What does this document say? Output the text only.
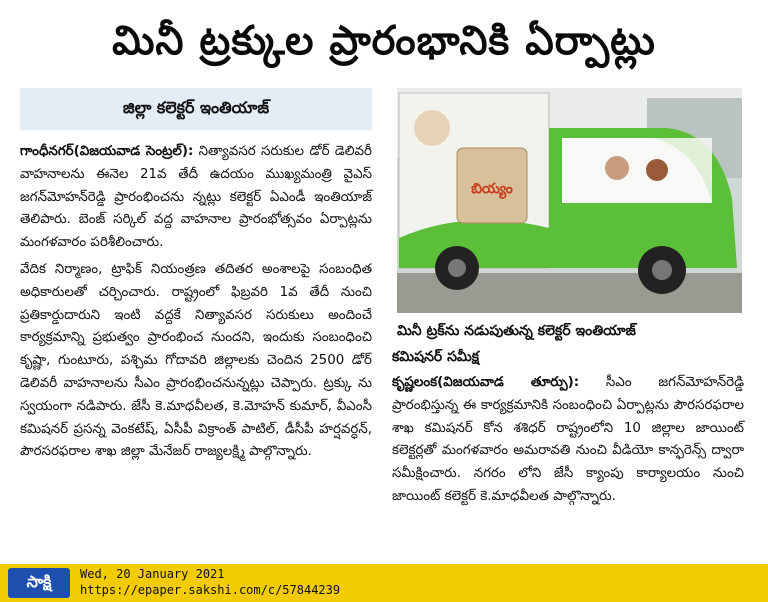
మినీ ట్రక్కుల ప్రారంభానికి ఏర్పాట్లు
జిల్లా కలెక్టర్ ఇంతియాజ్

గాంధీనగర్(విజయవాడ సెంట్రల్): నిత్యావసర సరుకుల డోర్ డెలివరీ వాహనాలను ఈనెల 21వ తేదీ ఉదయం ముఖ్యమంత్రి వైఎస్ జగన్‌మోహన్‌రెడ్డి ప్రారంభించను న్నట్లు కలెక్టర్ ఏఎండీ ఇంతియాజ్ తెలిపారు. బెంజ్ సర్కిల్ వద్ద వాహనాల ప్రారంభోత్సవం ఏర్పాట్లను మంగళవారం పరిశీలించారు.

వేదిక నిర్మాణం, ట్రాఫిక్ నియంత్రణ తదితర అంశాలపై సంబంధిత అధికారులతో చర్చించారు. రాష్ట్రంలో ఫిబ్రవరి 1వ తేదీ నుంచి ప్రతికార్డుదారుని ఇంటి వద్దకే నిత్యావసర సరుకులు అందించే కార్యక్రమాన్ని ప్రభుత్వం ప్రారంభించ నుందని, ఇందుకు సంబంధించి కృష్ణా, గుంటూరు, పశ్చిమ గోదావరి జిల్లాలకు చెందిన 2500 డోర్ డెలివరీ వాహనాలను సీఎం ప్రారంభించనున్నట్లు చెప్పారు. ట్రక్కు ను స్వయంగా నడిపారు. జేసీ కె.మాధవీలత, కె.మోహన్ కుమార్, వీఎంసీ కమిషనర్ ప్రసన్న వెంకటేష్, ఏసీపీ విక్రాంత్ పాటిల్, డీసీపీ హర్షవర్ధన్, పౌరసరఫరాల శాఖ జిల్లా మేనేజర్ రాజ్యలక్ష్మి పాల్గొన్నారు.

బియ్యం
మినీ ట్రక్‌ను నడుపుతున్న కలెక్టర్ ఇంతియాజ్
కమిషనర్ సమీక్ష

కృష్ణలంక(విజయవాడ తూర్పు): సీఎం జగన్‌మోహన్‌రెడ్డి ప్రారంభిస్తున్న ఈ కార్యక్రమానికి సంబంధించి ఏర్పాట్లను పౌరసరఫరాల శాఖ కమిషనర్ కోన శశిధర్ రాష్ట్రంలోని 10 జిల్లాల జాయింట్ కలెక్టర్లతో మంగళవారం అమరావతి నుంచి వీడియో కాన్ఫరెన్స్ ద్వారా సమీక్షించారు. నగరం లోని జేసీ క్యాంపు కార్యాలయం నుంచి జాయింట్ కలెక్టర్ కె.మాధవీలత పాల్గొన్నారు.

సాక్షి	Wed, 20 January 2021
https://epaper.sakshi.com/c/57844239
